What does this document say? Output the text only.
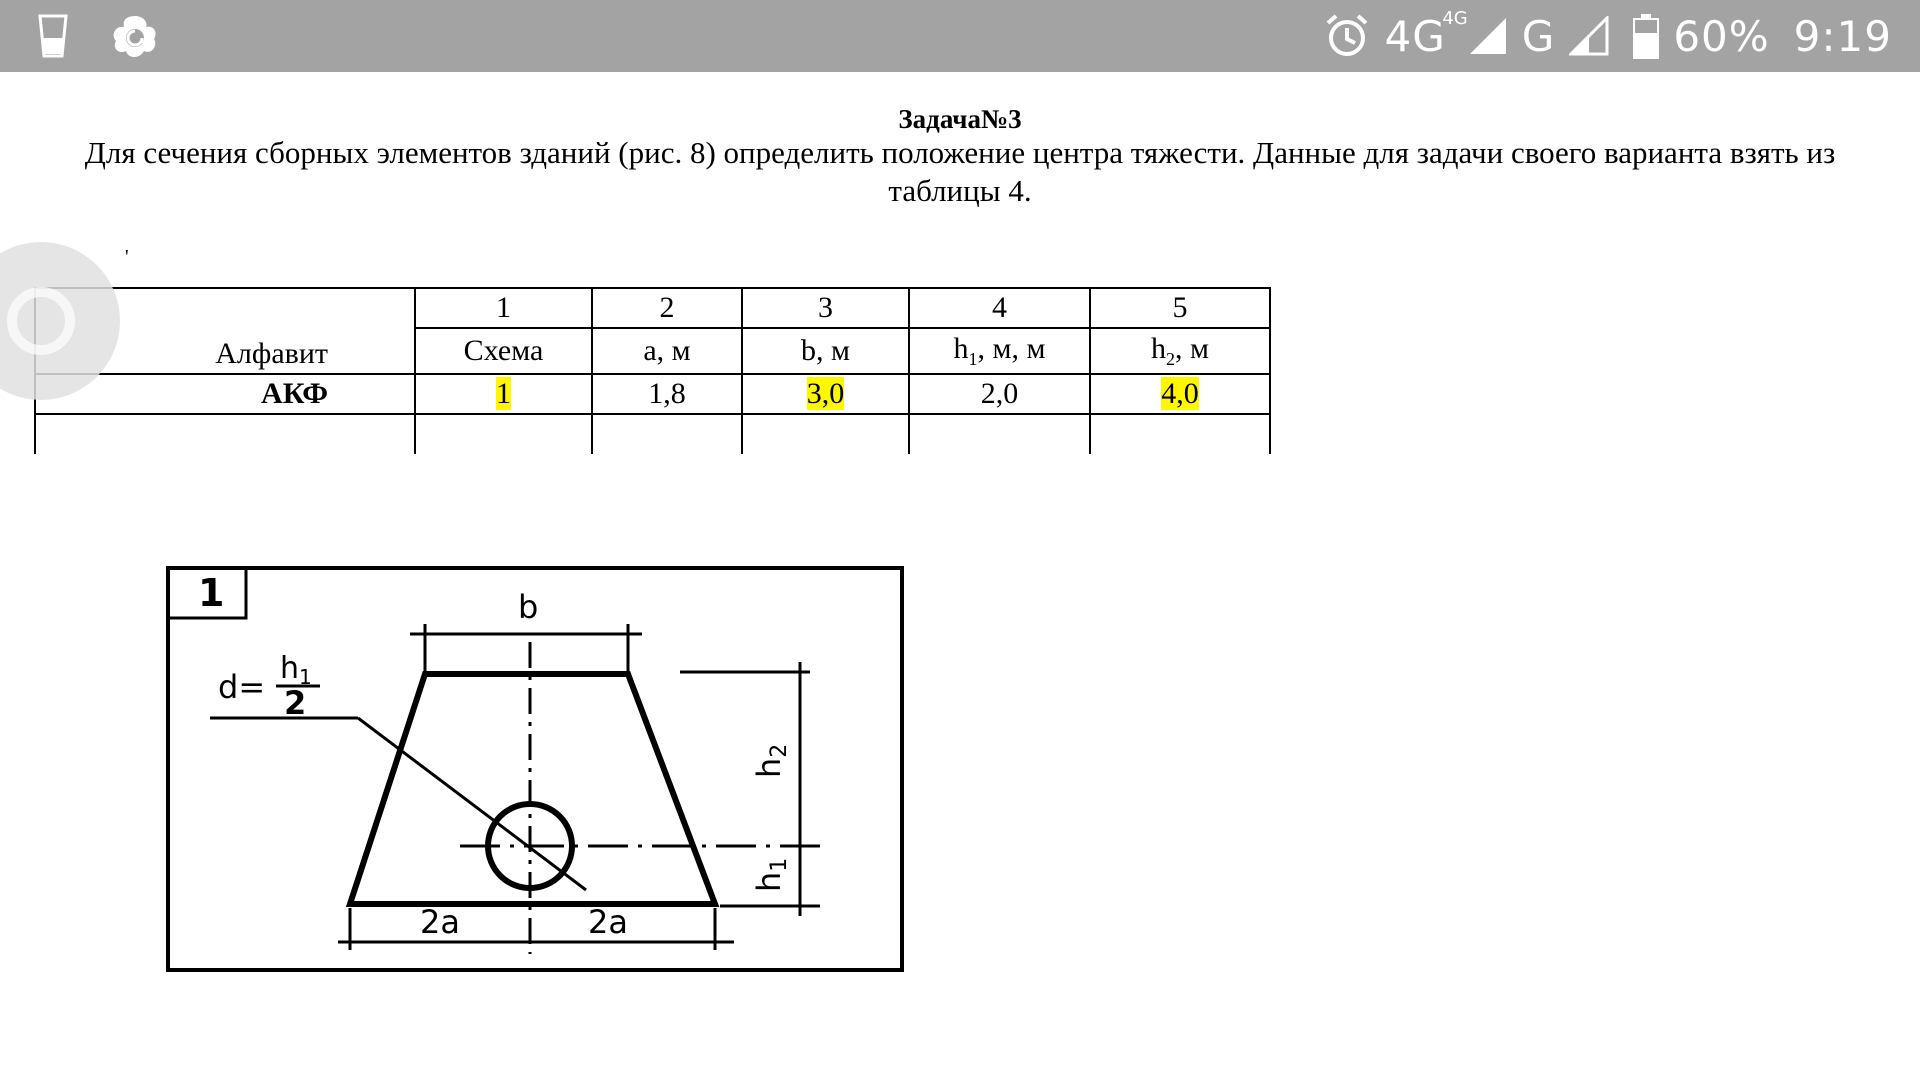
4G
4G G	60% 9:19
Задача№3
Для сечения сборных элементов зданий (рис. 8) определить положение центра тяжести. Данные для задачи своего варианта взять из таблицы 4.
'
Алфавит	1	2	3	4	5
	Схема	а, м	b, м	$h_1$, м, м	$h_2$, м
АКФ	1	1,8	3,0	2,0	4,0

1	b
$d= h_1$
2
h2
h1
2a	2a
